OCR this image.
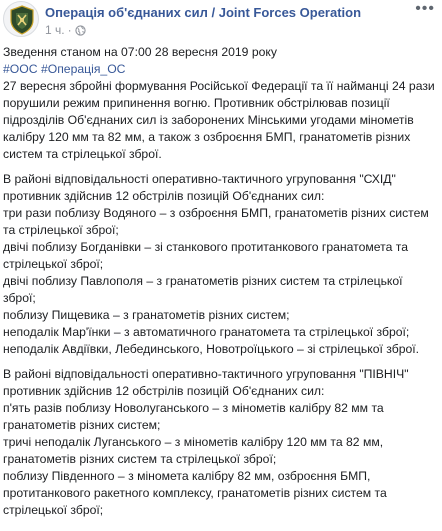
Операція об'єднаних сил / Joint Forces Operation
1 ч. ·
•••

Зведення станом на 07:00 28 вересня 2019 року

#ООС #Операція_ОС

27 вересня збройні формування Російської Федерації та її найманці 24 рази порушили режим припинення вогню. Противник обстрілював позиції підрозділів Об'єднаних сил із заборонених Мінськими угодами мінометів калібру 120 мм та 82 мм, а також з озброєння БМП, гранатометів різних систем та стрілецької зброї.

В районі відповідальності оперативно-тактичного угруповання "СХІД" противник здійснив 12 обстрілів позицій Об'єднаних сил:

три рази поблизу Водяного – з озброєння БМП, гранатометів різних систем та стрілецької зброї;

двічі поблизу Богданівки – зі станкового протитанкового гранатомета та стрілецької зброї;

двічі поблизу Павлополя – з гранатометів різних систем та стрілецької зброї;

поблизу Пищевика – з гранатометів різних систем;

неподалік Мар'їнки – з автоматичного гранатомета та стрілецької зброї;

неподалік Авдіївки, Лебединського, Новотроїцького – зі стрілецької зброї.

В районі відповідальності оперативно-тактичного угруповання "ПІВНІЧ" противник здійснив 12 обстрілів позицій Об'єднаних сил:

п'ять разів поблизу Новолуганського – з мінометів калібру 82 мм та гранатометів різних систем;

тричі неподалік Луганського – з мінометів калібру 120 мм та 82 мм, гранатометів різних систем та стрілецької зброї;

поблизу Південного – з міномета калібру 82 мм, озброєння БМП, протитанкового ракетного комплексу, гранатометів різних систем та стрілецької зброї;
